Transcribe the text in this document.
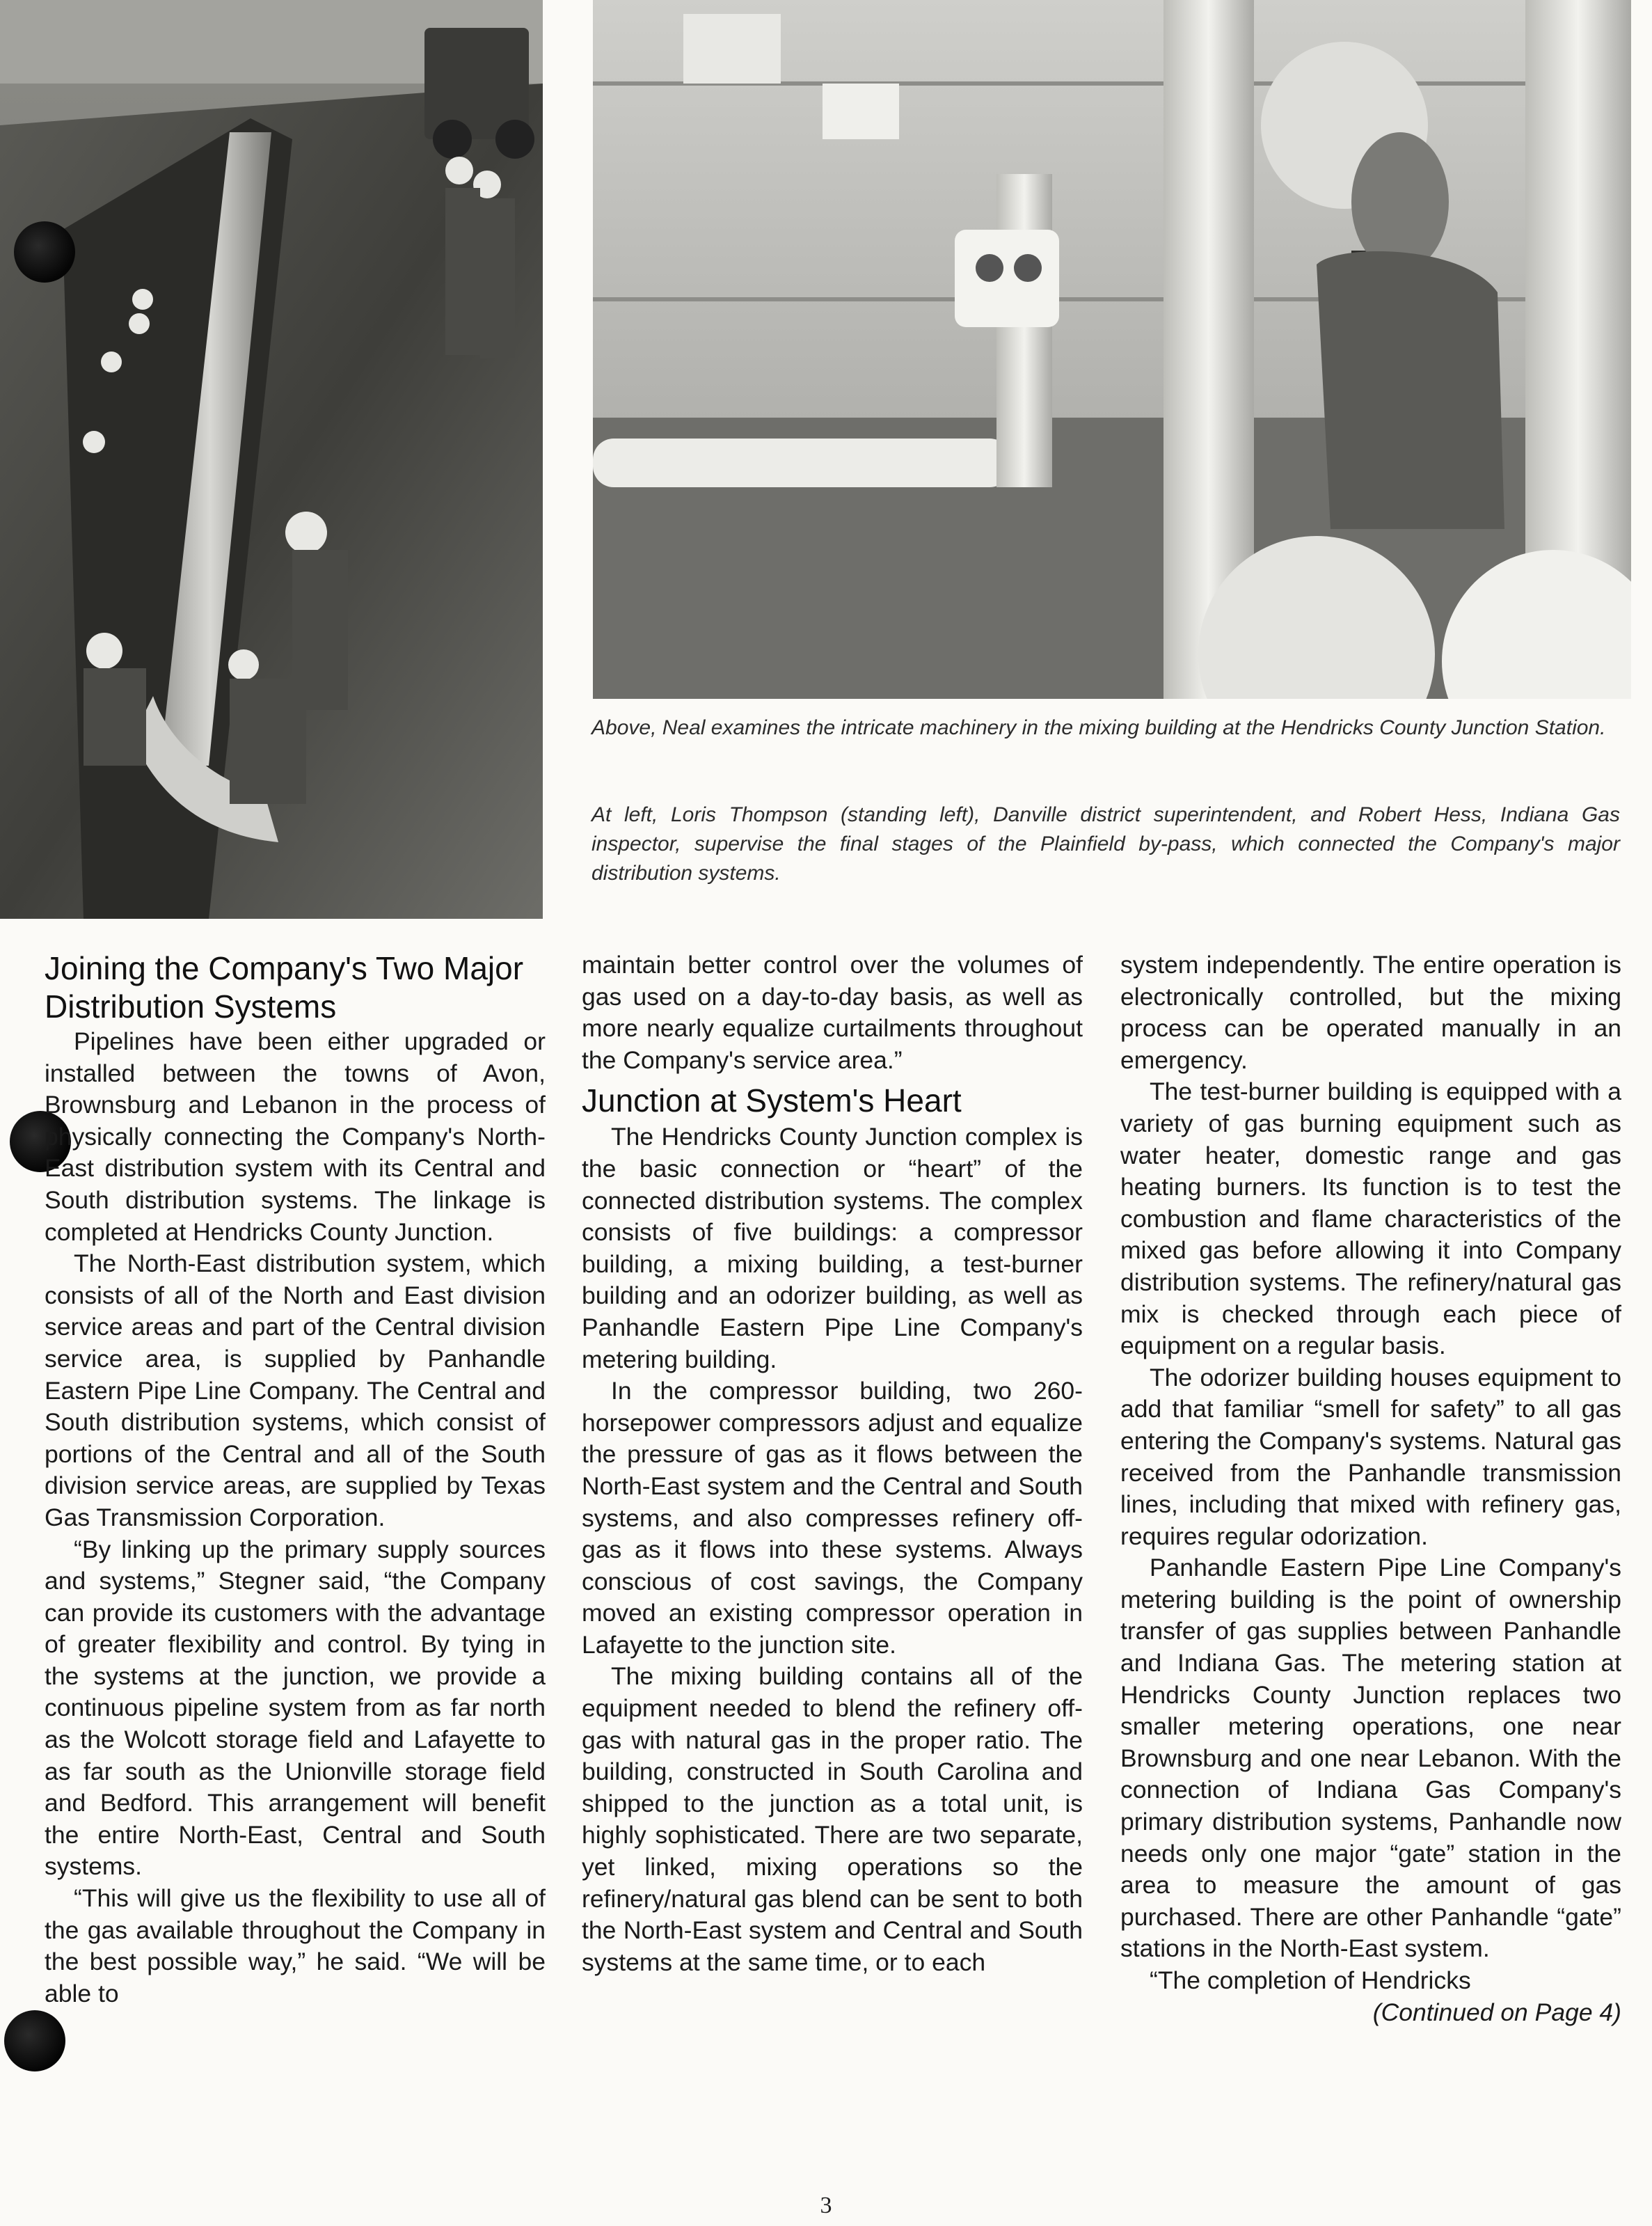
Above, Neal examines the intricate machinery in the mixing building at the Hendricks County Junction Station.

At left, Loris Thompson (standing left), Danville district superintendent, and Robert Hess, Indiana Gas inspector, supervise the final stages of the Plainfield by-pass, which connected the Company's major distribution systems.

Joining the Company's Two Major Distribution Systems

Pipelines have been either upgraded or installed between the towns of Avon, Brownsburg and Lebanon in the process of physically connecting the Company's North-East distribution system with its Central and South distribution systems. The linkage is completed at Hendricks County Junction.

The North-East distribution system, which consists of all of the North and East division service areas and part of the Central division service area, is supplied by Panhandle Eastern Pipe Line Company. The Central and South distribution systems, which consist of portions of the Central and all of the South division service areas, are supplied by Texas Gas Transmission Corporation.

“By linking up the primary supply sources and systems,” Stegner said, “the Company can provide its customers with the advantage of greater flexibility and control. By tying in the systems at the junction, we provide a continuous pipeline system from as far north as the Wolcott storage field and Lafayette to as far south as the Unionville storage field and Bedford. This arrangement will benefit the entire North-East, Central and South systems.

“This will give us the flexibility to use all of the gas available throughout the Company in the best possible way,” he said. “We will be able to

maintain better control over the volumes of gas used on a day-to-day basis, as well as more nearly equalize curtailments throughout the Company's service area.”

Junction at System's Heart

The Hendricks County Junction complex is the basic connection or “heart” of the connected distribution systems. The complex consists of five buildings: a compressor building, a mixing building, a test-burner building and an odorizer building, as well as Panhandle Eastern Pipe Line Company's metering building.

In the compressor building, two 260-horsepower compressors adjust and equalize the pressure of gas as it flows between the North-East system and the Central and South systems, and also compresses refinery off-gas as it flows into these systems. Always conscious of cost savings, the Company moved an existing compressor operation in Lafayette to the junction site.

The mixing building contains all of the equipment needed to blend the refinery off-gas with natural gas in the proper ratio. The building, constructed in South Carolina and shipped to the junction as a total unit, is highly sophisticated. There are two separate, yet linked, mixing operations so the refinery/natural gas blend can be sent to both the North-East system and Central and South systems at the same time, or to each

system independently. The entire operation is electronically controlled, but the mixing process can be operated manually in an emergency.

The test-burner building is equipped with a variety of gas burning equipment such as water heater, domestic range and gas heating burners. Its function is to test the combustion and flame characteristics of the mixed gas before allowing it into Company distribution systems. The refinery/natural gas mix is checked through each piece of equipment on a regular basis.

The odorizer building houses equipment to add that familiar “smell for safety” to all gas entering the Company's systems. Natural gas received from the Panhandle transmission lines, including that mixed with refinery gas, requires regular odorization.

Panhandle Eastern Pipe Line Company's metering building is the point of ownership transfer of gas supplies between Panhandle and Indiana Gas. The metering station at Hendricks County Junction replaces two smaller metering operations, one near Brownsburg and one near Lebanon. With the connection of Indiana Gas Company's primary distribution systems, Panhandle now needs only one major “gate” station in the area to measure the amount of gas purchased. There are other Panhandle “gate” stations in the North-East system.

“The completion of Hendricks

(Continued on Page 4)

3
